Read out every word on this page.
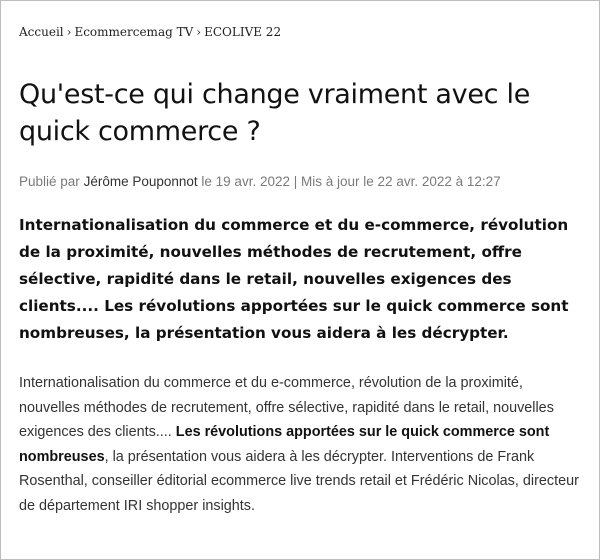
Accueil › Ecommercemag TV › ECOLIVE 22
Qu'est-ce qui change vraiment avec le quick commerce ?
Publié par Jérôme Pouponnot le 19 avr. 2022 | Mis à jour le 22 avr. 2022 à 12:27

Internationalisation du commerce et du e-commerce, révolution de la proximité, nouvelles méthodes de recrutement, offre sélective, rapidité dans le retail, nouvelles exigences des clients.... Les révolutions apportées sur le quick commerce sont nombreuses, la présentation vous aidera à les décrypter.

Internationalisation du commerce et du e-commerce, révolution de la proximité, nouvelles méthodes de recrutement, offre sélective, rapidité dans le retail, nouvelles exigences des clients.... Les révolutions apportées sur le quick commerce sont nombreuses, la présentation vous aidera à les décrypter. Interventions de Frank Rosenthal, conseiller éditorial ecommerce live trends retail et Frédéric Nicolas, directeur de département IRI shopper insights.
